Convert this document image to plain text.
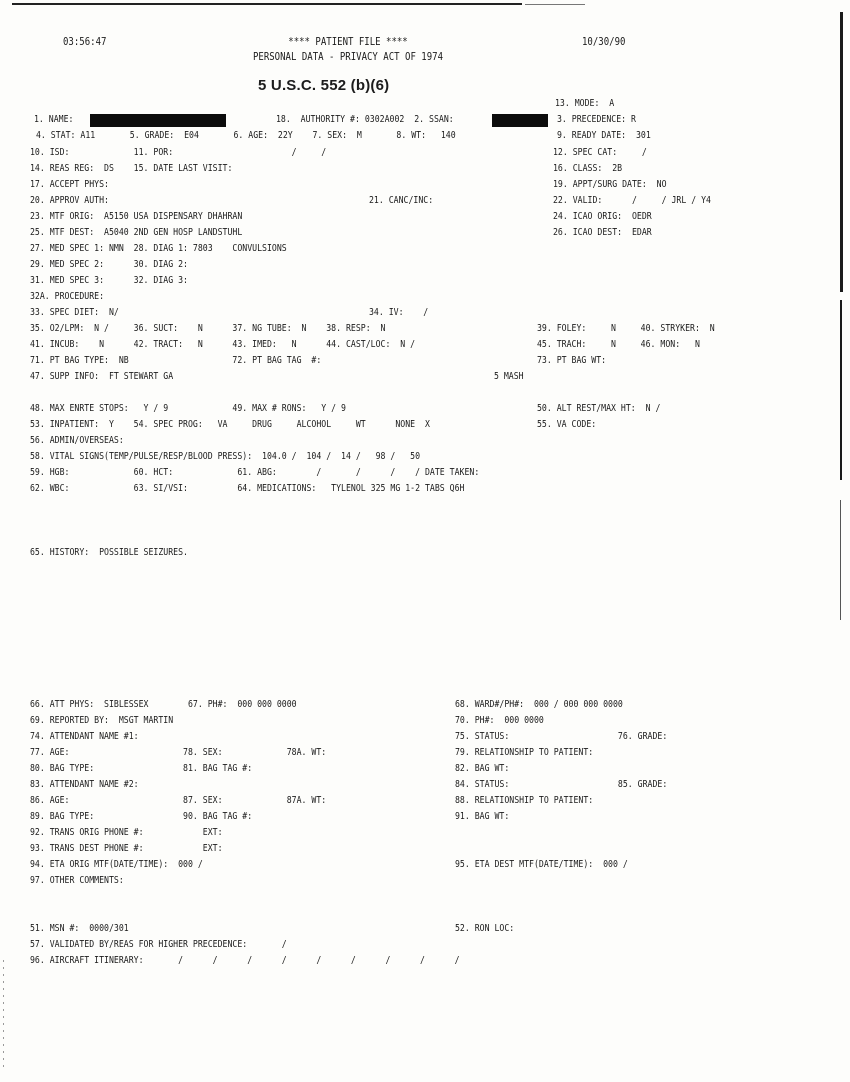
03:56:47	**** PATIENT FILE ****
PERSONAL DATA - PRIVACY ACT OF 1974
10/30/90
5 U.S.C. 552 (b)(6)
13. MODE:  A
1. NAME:	18.  AUTHORITY #: 0302A002  2. SSAN:	3. PRECEDENCE: R
4. STAT: A11       5. GRADE:  E04       6. AGE:  22Y    7. SEX:  M       8. WT:   140	9. READY DATE:  301
10. ISD:             11. POR:                        /     /	12. SPEC CAT:     /
14. REAS REG:  DS    15. DATE LAST VISIT:	16. CLASS:  2B
17. ACCEPT PHYS:	19. APPT/SURG DATE:  NO
20. APPROV AUTH:	21. CANC/INC:	22. VALID:      /     / JRL / Y4
23. MTF ORIG:  A5150 USA DISPENSARY DHAHRAN	24. ICAO ORIG:  OEDR
25. MTF DEST:  A5040 2ND GEN HOSP LANDSTUHL	26. ICAO DEST:  EDAR
27. MED SPEC 1: NMN  28. DIAG 1: 7803    CONVULSIONS
29. MED SPEC 2:      30. DIAG 2:
31. MED SPEC 3:      32. DIAG 3:
32A. PROCEDURE:
33. SPEC DIET:  N/	34. IV:    /
35. O2/LPM:  N /     36. SUCT:    N      37. NG TUBE:  N    38. RESP:  N	39. FOLEY:     N     40. STRYKER:  N
41. INCUB:    N      42. TRACT:   N      43. IMED:   N      44. CAST/LOC:  N /	45. TRACH:     N     46. MON:   N
71. PT BAG TYPE:  NB                     72. PT BAG TAG  #:	73. PT BAG WT:
47. SUPP INFO:  FT STEWART GA	5 MASH
48. MAX ENRTE STOPS:   Y / 9             49. MAX # RONS:   Y / 9	50. ALT REST/MAX HT:  N /
53. INPATIENT:  Y    54. SPEC PROG:   VA     DRUG     ALCOHOL     WT      NONE  X	55. VA CODE:
56. ADMIN/OVERSEAS:
58. VITAL SIGNS(TEMP/PULSE/RESP/BLOOD PRESS):  104.0 /  104 /  14 /   98 /   50
59. HGB:             60. HCT:             61. ABG:        /       /      /    / DATE TAKEN:
62. WBC:             63. SI/VSI:          64. MEDICATIONS:   TYLENOL 325 MG 1-2 TABS Q6H
65. HISTORY:  POSSIBLE SEIZURES.
66. ATT PHYS:  SIBLESSEX        67. PH#:  000 000 0000	68. WARD#/PH#:  000 / 000 000 0000
69. REPORTED BY:  MSGT MARTIN	70. PH#:  000 0000
74. ATTENDANT NAME #1:	75. STATUS:                      76. GRADE:
77. AGE:                       78. SEX:             78A. WT:	79. RELATIONSHIP TO PATIENT:
80. BAG TYPE:                  81. BAG TAG #:	82. BAG WT:
83. ATTENDANT NAME #2:	84. STATUS:                      85. GRADE:
86. AGE:                       87. SEX:             87A. WT:	88. RELATIONSHIP TO PATIENT:
89. BAG TYPE:                  90. BAG TAG #:	91. BAG WT:
92. TRANS ORIG PHONE #:            EXT:
93. TRANS DEST PHONE #:            EXT:
94. ETA ORIG MTF(DATE/TIME):  000 /	95. ETA DEST MTF(DATE/TIME):  000 /
97. OTHER COMMENTS:
51. MSN #:  0000/301	52. RON LOC:
57. VALIDATED BY/REAS FOR HIGHER PRECEDENCE:       /
96. AIRCRAFT ITINERARY:       /      /      /      /      /      /      /      /      /
